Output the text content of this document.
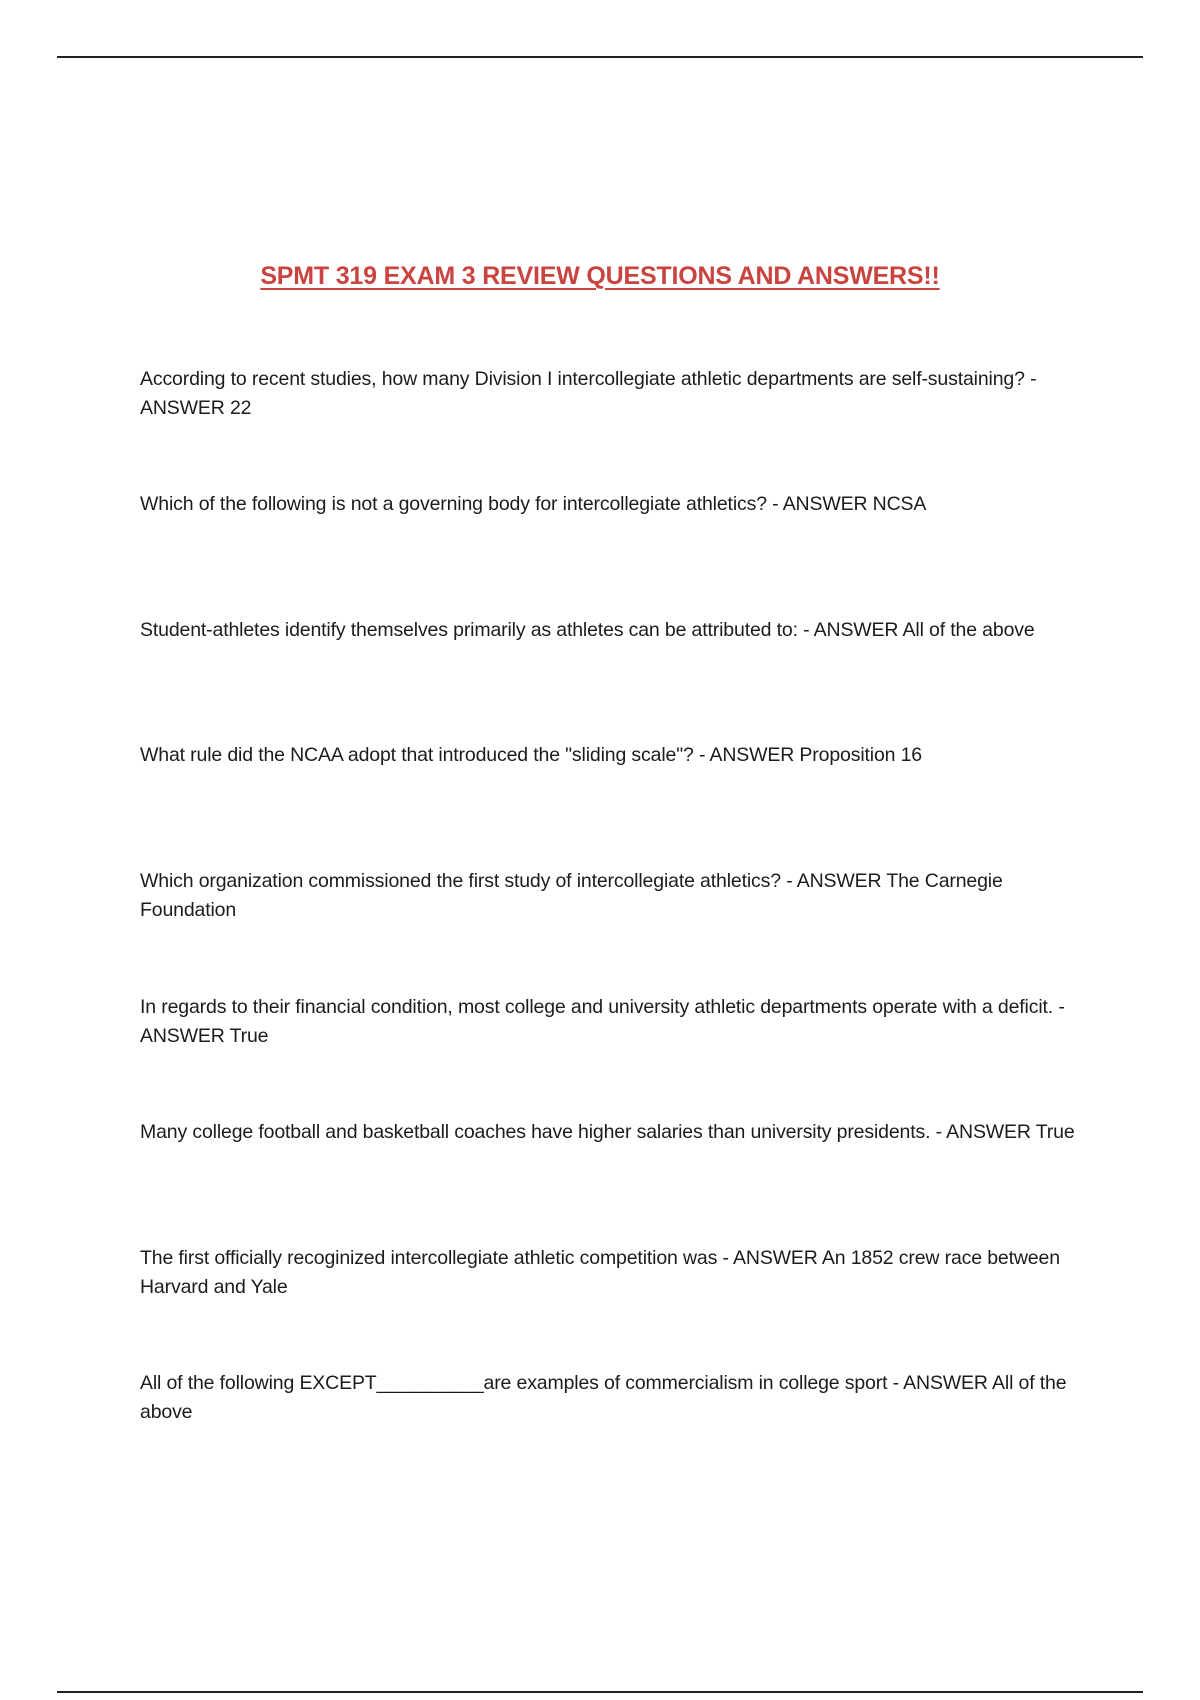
SPMT 319 EXAM 3 REVIEW QUESTIONS AND ANSWERS!!
According to recent studies, how many Division I intercollegiate athletic departments are self-sustaining? - ANSWER 22
Which of the following is not a governing body for intercollegiate athletics? - ANSWER NCSA
Student-athletes identify themselves primarily as athletes can be attributed to: - ANSWER All of the above
What rule did the NCAA adopt that introduced the "sliding scale"? - ANSWER Proposition 16
Which organization commissioned the first study of intercollegiate athletics? - ANSWER The Carnegie Foundation
In regards to their financial condition, most college and university athletic departments operate with a deficit. - ANSWER True
Many college football and basketball coaches have higher salaries than university presidents. - ANSWER True
The first officially recoginized intercollegiate athletic competition was - ANSWER An 1852 crew race between Harvard and Yale
All of the following EXCEPT__________are examples of commercialism in college sport - ANSWER All of the above
